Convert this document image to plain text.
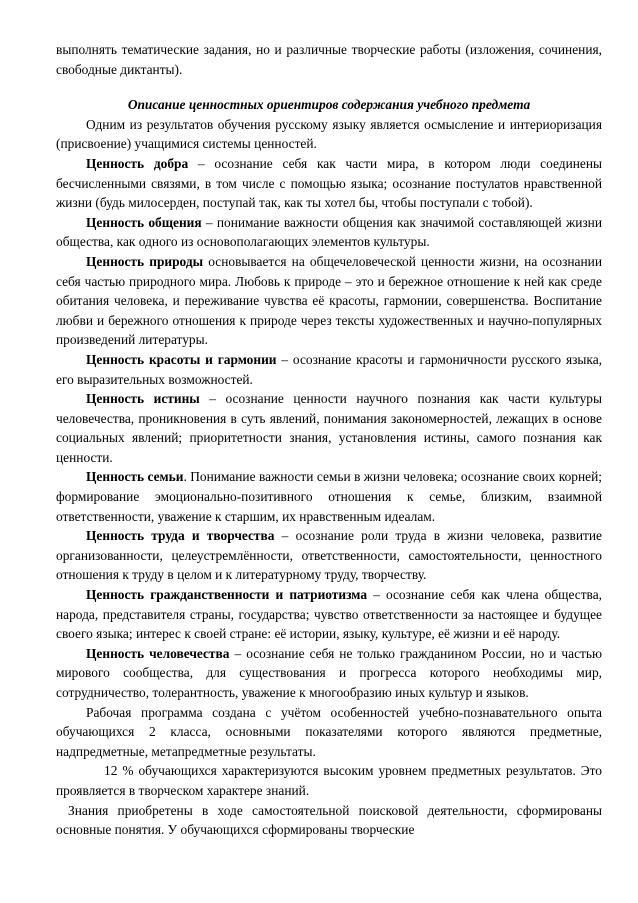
выполнять тематические задания, но и различные творческие работы (изложения, сочинения, свободные диктанты).

Описание ценностных ориентиров содержания учебного предмета

Одним из результатов обучения русскому языку является осмысление и интериоризация (присвоение) учащимися системы ценностей.

Ценность добра – осознание себя как части мира, в котором люди соединены бесчисленными связями, в том числе с помощью языка; осознание постулатов нравственной жизни (будь милосерден, поступай так, как ты хотел бы, чтобы поступали с тобой).

Ценность общения – понимание важности общения как значимой составляющей жизни общества, как одного из основополагающих элементов культуры.

Ценность природы основывается на общечеловеческой ценности жизни, на осознании себя частью природного мира. Любовь к природе – это и бережное отношение к ней как среде обитания человека, и переживание чувства её красоты, гармонии, совершенства. Воспитание любви и бережного отношения к природе через тексты художественных и научно-популярных произведений литературы.

Ценность красоты и гармонии – осознание красоты и гармоничности русского языка, его выразительных возможностей.

Ценность истины – осознание ценности научного познания как части культуры человечества, проникновения в суть явлений, понимания закономерностей, лежащих в основе социальных явлений; приоритетности знания, установления истины, самого познания как ценности.

Ценность семьи. Понимание важности семьи в жизни человека; осознание своих корней; формирование эмоционально-позитивного отношения к семье, близким, взаимной ответственности, уважение к старшим, их нравственным идеалам.

Ценность труда и творчества – осознание роли труда в жизни человека, развитие организованности, целеустремлённости, ответственности, самостоятельности, ценностного отношения к труду в целом и к литературному труду, творчеству.

Ценность гражданственности и патриотизма – осознание себя как члена общества, народа, представителя страны, государства; чувство ответственности за настоящее и будущее своего языка; интерес к своей стране: её истории, языку, культуре, её жизни и её народу.

Ценность человечества – осознание себя не только гражданином России, но и частью мирового сообщества, для существования и прогресса которого необходимы мир, сотрудничество, толерантность, уважение к многообразию иных культур и языков.

Рабочая программа создана с учётом особенностей учебно-познавательного опыта обучающихся 2 класса, основными показателями которого являются предметные, надпредметные, метапредметные результаты.

12 % обучающихся характеризуются высоким уровнем предметных результатов. Это проявляется в творческом характере знаний.

Знания приобретены в ходе самостоятельной поисковой деятельности, сформированы основные понятия. У обучающихся сформированы творческие
